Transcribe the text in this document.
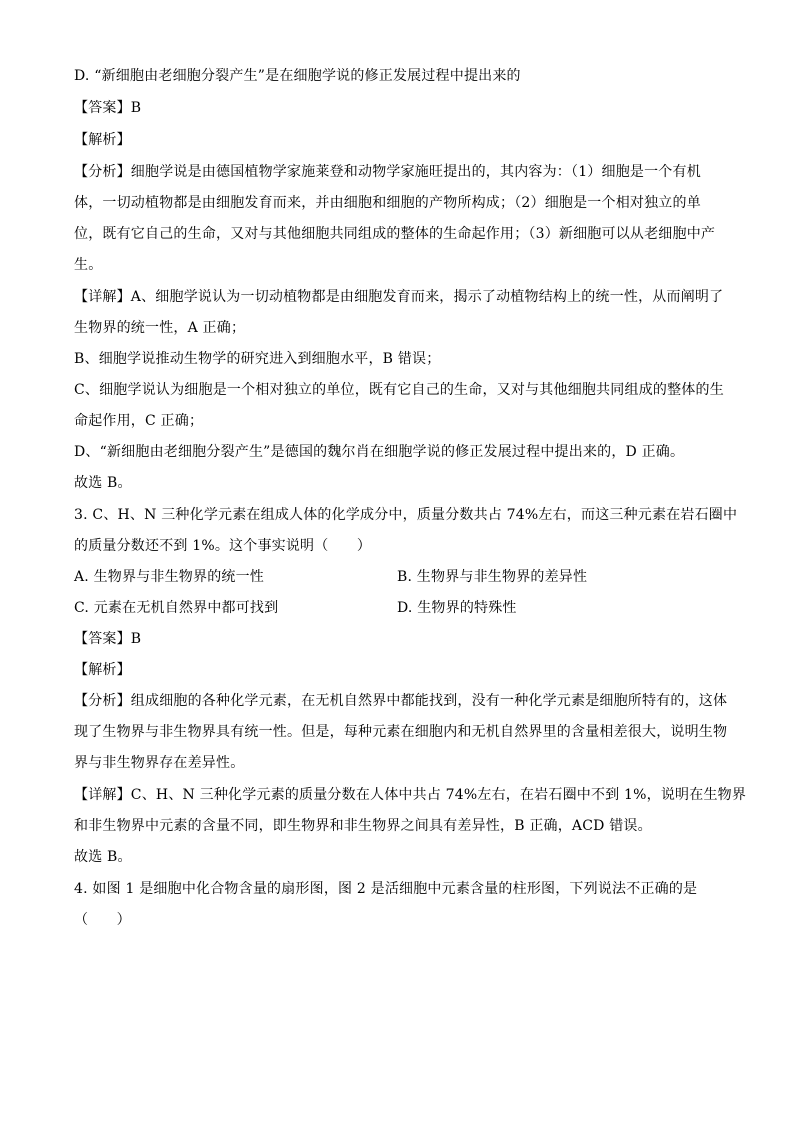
D. “新细胞由老细胞分裂产生”是在细胞学说的修正发展过程中提出来的

【答案】B

【解析】

【分析】细胞学说是由德国植物学家施莱登和动物学家施旺提出的，其内容为：（1）细胞是一个有机

体，一切动植物都是由细胞发育而来，并由细胞和细胞的产物所构成；（2）细胞是一个相对独立的单

位，既有它自己的生命，又对与其他细胞共同组成的整体的生命起作用；（3）新细胞可以从老细胞中产

生。

【详解】A、细胞学说认为一切动植物都是由细胞发育而来，揭示了动植物结构上的统一性，从而阐明了

生物界的统一性，A 正确；

B、细胞学说推动生物学的研究进入到细胞水平，B 错误；

C、细胞学说认为细胞是一个相对独立的单位，既有它自己的生命，又对与其他细胞共同组成的整体的生

命起作用，C 正确；

D、“新细胞由老细胞分裂产生”是德国的魏尔肖在细胞学说的修正发展过程中提出来的，D 正确。

故选 B。

3. C、H、N 三种化学元素在组成人体的化学成分中，质量分数共占 74%左右，而这三种元素在岩石圈中

的质量分数还不到 1%。这个事实说明（　　）

A. 生物界与非生物界的统一性	B. 生物界与非生物界的差异性

C. 元素在无机自然界中都可找到	D. 生物界的特殊性

【答案】B

【解析】

【分析】组成细胞的各种化学元素，在无机自然界中都能找到，没有一种化学元素是细胞所特有的，这体

现了生物界与非生物界具有统一性。但是，每种元素在细胞内和无机自然界里的含量相差很大，说明生物

界与非生物界存在差异性。

【详解】C、H、N 三种化学元素的质量分数在人体中共占 74%左右，在岩石圈中不到 1%，说明在生物界

和非生物界中元素的含量不同，即生物界和非生物界之间具有差异性，B 正确，ACD 错误。

故选 B。

4. 如图 1 是细胞中化合物含量的扇形图，图 2 是活细胞中元素含量的柱形图，下列说法不正确的是

（　　）
